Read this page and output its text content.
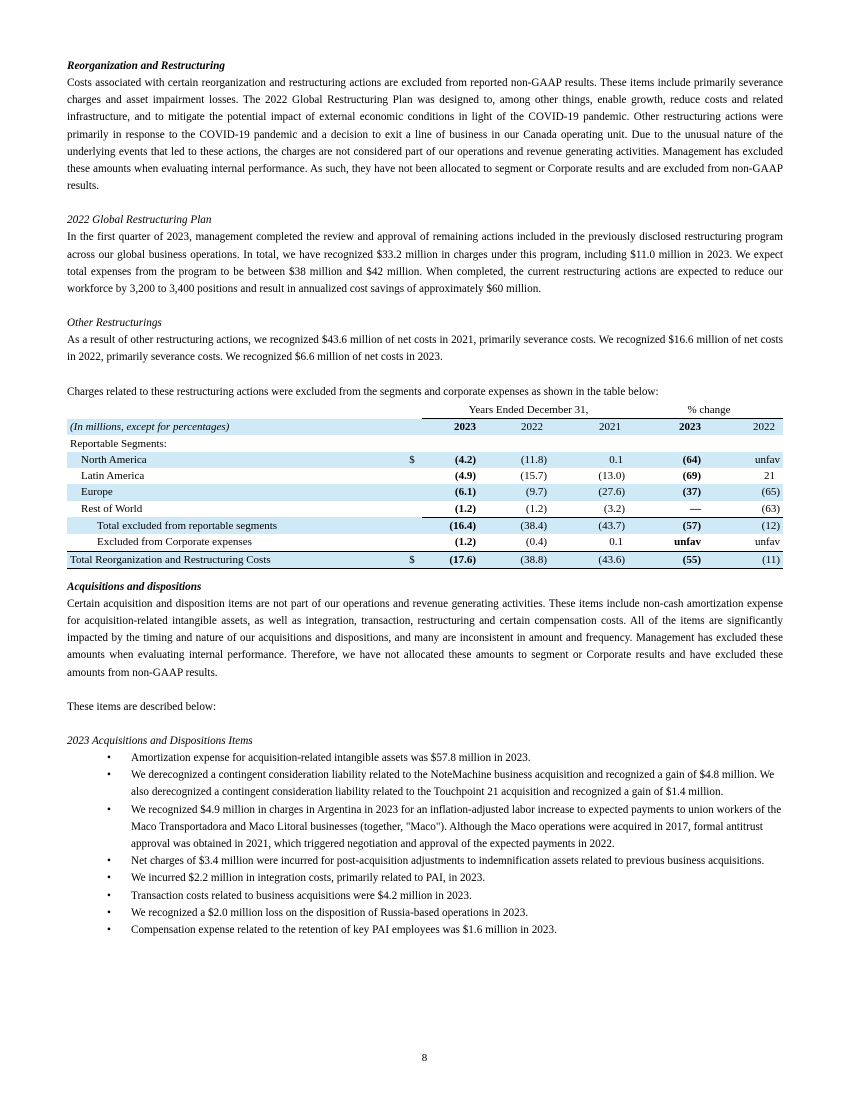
Reorganization and Restructuring

Costs associated with certain reorganization and restructuring actions are excluded from reported non-GAAP results. These items include primarily severance charges and asset impairment losses. The 2022 Global Restructuring Plan was designed to, among other things, enable growth, reduce costs and related infrastructure, and to mitigate the potential impact of external economic conditions in light of the COVID-19 pandemic. Other restructuring actions were primarily in response to the COVID-19 pandemic and a decision to exit a line of business in our Canada operating unit. Due to the unusual nature of the underlying events that led to these actions, the charges are not considered part of our operations and revenue generating activities. Management has excluded these amounts when evaluating internal performance. As such, they have not been allocated to segment or Corporate results and are excluded from non-GAAP results.

2022 Global Restructuring Plan

In the first quarter of 2023, management completed the review and approval of remaining actions included in the previously disclosed restructuring program across our global business operations. In total, we have recognized $33.2 million in charges under this program, including $11.0 million in 2023. We expect total expenses from the program to be between $38 million and $42 million. When completed, the current restructuring actions are expected to reduce our workforce by 3,200 to 3,400 positions and result in annualized cost savings of approximately $60 million.

Other Restructurings

As a result of other restructuring actions, we recognized $43.6 million of net costs in 2021, primarily severance costs. We recognized $16.6 million of net costs in 2022, primarily severance costs. We recognized $6.6 million of net costs in 2023.

Charges related to these restructuring actions were excluded from the segments and corporate expenses as shown in the table below:

		Years Ended December 31,			% change	
(In millions, except for percentages)		2023	2022	2021	2023	2022
Reportable Segments:						
North America	$	(4.2)	(11.8)	0.1	(64)	unfav
Latin America		(4.9)	(15.7)	(13.0)	(69)	21
Europe		(6.1)	(9.7)	(27.6)	(37)	(65)
Rest of World		(1.2)	(1.2)	(3.2)	—	(63)
Total excluded from reportable segments		(16.4)	(38.4)	(43.7)	(57)	(12)
Excluded from Corporate expenses		(1.2)	(0.4)	0.1	unfav	unfav
Total Reorganization and Restructuring Costs	$	(17.6)	(38.8)	(43.6)	(55)	(11)
Acquisitions and dispositions

Certain acquisition and disposition items are not part of our operations and revenue generating activities. These items include non-cash amortization expense for acquisition-related intangible assets, as well as integration, transaction, restructuring and certain compensation costs. All of the items are significantly impacted by the timing and nature of our acquisitions and dispositions, and many are inconsistent in amount and frequency. Management has excluded these amounts when evaluating internal performance. Therefore, we have not allocated these amounts to segment or Corporate results and have excluded these amounts from non-GAAP results.

These items are described below:

2023 Acquisitions and Dispositions Items
• Amortization expense for acquisition-related intangible assets was $57.8 million in 2023.
• We derecognized a contingent consideration liability related to the NoteMachine business acquisition and recognized a gain of $4.8 million. We also derecognized a contingent consideration liability related to the Touchpoint 21 acquisition and recognized a gain of $1.4 million.
• We recognized $4.9 million in charges in Argentina in 2023 for an inflation-adjusted labor increase to expected payments to union workers of the Maco Transportadora and Maco Litoral businesses (together, "Maco"). Although the Maco operations were acquired in 2017, formal antitrust approval was obtained in 2021, which triggered negotiation and approval of the expected payments in 2022.
• Net charges of $3.4 million were incurred for post-acquisition adjustments to indemnification assets related to previous business acquisitions.
• We incurred $2.2 million in integration costs, primarily related to PAI, in 2023.
• Transaction costs related to business acquisitions were $4.2 million in 2023.
• We recognized a $2.0 million loss on the disposition of Russia-based operations in 2023.
• Compensation expense related to the retention of key PAI employees was $1.6 million in 2023.
8
